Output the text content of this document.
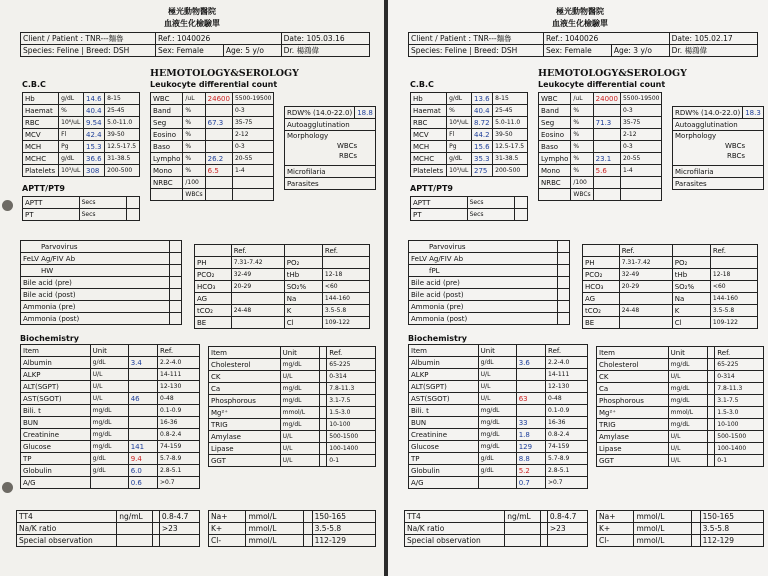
極光動物醫院
血液生化檢驗單
Client / Patient : TNR---麵魯	Ref.: 1040026		Date: 105.03.16
Species: Feline | Breed: DSH	Sex: Female	Age: 5 y/o	Dr. 楊鴻偉
HEMOTOLOGY&SEROLOGY
C.B.C	Leukocyte differential count
Hb	g/dL	14.6	8-15
Haemat	%	40.4	25-45
RBC	10⁶/uL	9.54	5.0-11.0
MCV	Fl	42.4	39-50
MCH	Pg	15.3	12.5-17.5
MCHC	g/dL	36.6	31-38.5
Platelets	10³/uL	308	200-500
WBC	/uL	24600	5500-19500
Band	%		0-3
Seg	%	67.3	35-75
Eosino	%		2-12
Baso	%		0-3
Lympho	%	26.2	20-55
Mono	%	6.5	1-4
NRBC	/100		
	WBCs		
RDW% (14.0-22.0)	18.8
Autoagglutination
Morphology
WBCs
RBCs
Microfilaria
Parasites
APTT/PT9
APTT	Secs	
PT	Secs	
Parvovirus	
FeLV Ag/FIV Ab	
HW	
Bile acid (pre)	
Bile acid (post)	
Ammonia (pre)	
Ammonia (post)	
	Ref.		Ref.
PH	7.31-7.42	PO₂	
PCO₂	32-49	tHb	12-18
HCO₃	20-29	SO₂%	<60
AG		Na	144-160
tCO₂	24-48	K	3.5-5.8
BE		Cl	109-122
Biochemistry
Item	Unit		Ref.
Albumin	g/dL	3.4	2.2-4.0
ALKP	U/L		14-111
ALT(SGPT)	U/L		12-130
AST(SGOT)	U/L	46	0-48
Bili. t	mg/dL		0.1-0.9
BUN	mg/dL		16-36
Creatinine	mg/dL		0.8-2.4
Glucose	mg/dL	141	74-159
TP	g/dL	9.4	5.7-8.9
Globulin	g/dL	6.0	2.8-5.1
A/G		0.6	>0.7
Item	Unit		Ref.
Cholesterol	mg/dL		65-225
CK	U/L		0-314
Ca	mg/dL		7.8-11.3
Phosphorous	mg/dL		3.1-7.5
Mg²⁺	mmol/L		1.5-3.0
TRIG	mg/dL		10-100
Amylase	U/L		500-1500
Lipase	U/L		100-1400
GGT	U/L		0-1
TT4	ng/mL		0.8-4.7
Na/K ratio			>23
Special observation			
Na+	mmol/L		150-165
K+	mmol/L		3.5-5.8
Cl-	mmol/L		112-129
極光動物醫院
血液生化檢驗單
Client / Patient : TNR---麵魯	Ref.: 1040026		Date: 105.02.17
Species: Feline | Breed: DSH	Sex: Female	Age: 3 y/o	Dr. 楊鴻偉
HEMOTOLOGY&SEROLOGY
C.B.C	Leukocyte differential count
Hb	g/dL	13.6	8-15
Haemat	%	40.4	25-45
RBC	10⁶/uL	8.72	5.0-11.0
MCV	Fl	44.2	39-50
MCH	Pg	15.6	12.5-17.5
MCHC	g/dL	35.3	31-38.5
Platelets	10³/uL	275	200-500
WBC	/uL	24000	5500-19500
Band	%		0-3
Seg	%	71.3	35-75
Eosino	%		2-12
Baso	%		0-3
Lympho	%	23.1	20-55
Mono	%	5.6	1-4
NRBC	/100		
	WBCs		
RDW% (14.0-22.0)	18.3
Autoagglutination
Morphology
WBCs
RBCs
Microfilaria
Parasites
APTT/PT9
APTT	Secs	
PT	Secs	
Parvovirus	
FeLV Ag/FIV Ab	
fPL	
Bile acid (pre)	
Bile acid (post)	
Ammonia (pre)	
Ammonia (post)	
	Ref.		Ref.
PH	7.31-7.42	PO₂	
PCO₂	32-49	tHb	12-18
HCO₃	20-29	SO₂%	<60
AG		Na	144-160
tCO₂	24-48	K	3.5-5.8
BE		Cl	109-122
Biochemistry
Item	Unit		Ref.
Albumin	g/dL	3.6	2.2-4.0
ALKP	U/L		14-111
ALT(SGPT)	U/L		12-130
AST(SGOT)	U/L	63	0-48
Bili. t	mg/dL		0.1-0.9
BUN	mg/dL	33	16-36
Creatinine	mg/dL	1.8	0.8-2.4
Glucose	mg/dL	129	74-159
TP	g/dL	8.8	5.7-8.9
Globulin	g/dL	5.2	2.8-5.1
A/G		0.7	>0.7
Item	Unit		Ref.
Cholesterol	mg/dL		65-225
CK	U/L		0-314
Ca	mg/dL		7.8-11.3
Phosphorous	mg/dL		3.1-7.5
Mg²⁺	mmol/L		1.5-3.0
TRIG	mg/dL		10-100
Amylase	U/L		500-1500
Lipase	U/L		100-1400
GGT	U/L		0-1
TT4	ng/mL		0.8-4.7
Na/K ratio			>23
Special observation			
Na+	mmol/L		150-165
K+	mmol/L		3.5-5.8
Cl-	mmol/L		112-129
